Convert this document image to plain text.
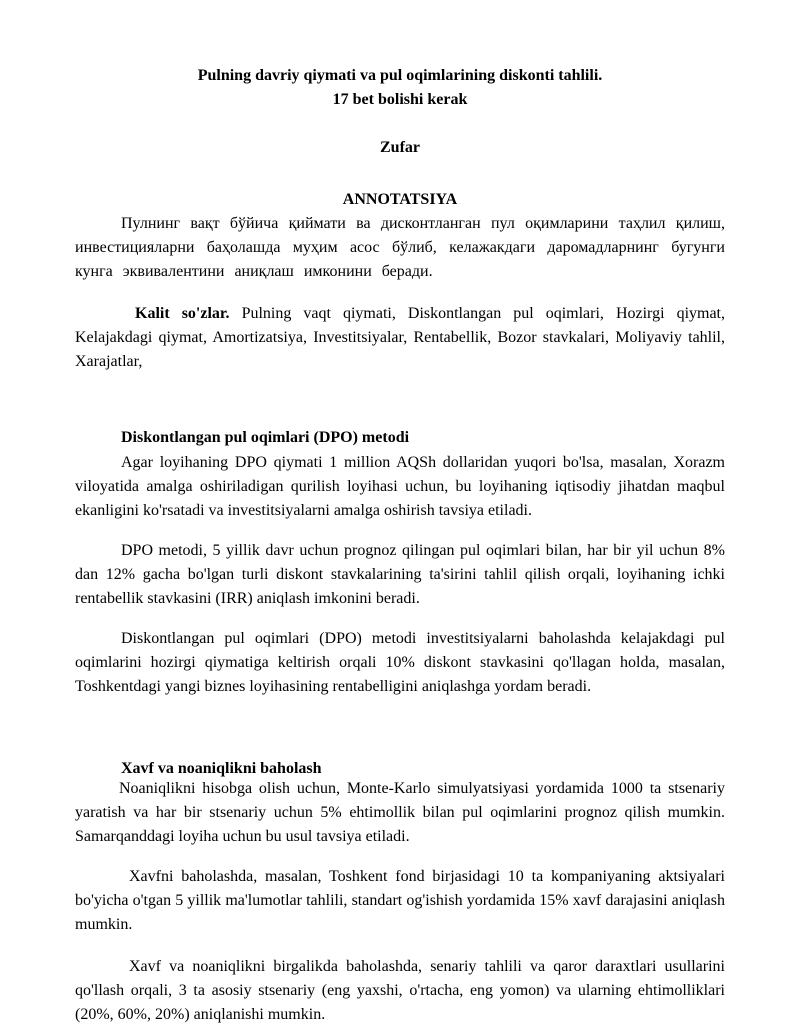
Pulning davriy qiymati va pul oqimlarining diskonti tahlili.
17 bet bolishi kerak
Zufar
ANNOTATSIYA
Пулнинг вақт бўйича қиймати ва дисконтланган пул оқимларини таҳлил қилиш, инвестицияларни баҳолашда муҳим асос бўлиб, келажакдаги даромадларнинг бугунги кунга эквивалентини аниқлаш имконини беради.
Kalit so'zlar. Pulning vaqt qiymati, Diskontlangan pul oqimlari, Hozirgi qiymat, Kelajakdagi qiymat, Amortizatsiya, Investitsiyalar, Rentabellik, Bozor stavkalari, Moliyaviy tahlil, Xarajatlar,
Diskontlangan pul oqimlari (DPO) metodi
Agar loyihaning DPO qiymati 1 million AQSh dollaridan yuqori bo'lsa, masalan, Xorazm viloyatida amalga oshiriladigan qurilish loyihasi uchun, bu loyihaning iqtisodiy jihatdan maqbul ekanligini ko'rsatadi va investitsiyalarni amalga oshirish tavsiya etiladi.
DPO metodi, 5 yillik davr uchun prognoz qilingan pul oqimlari bilan, har bir yil uchun 8% dan 12% gacha bo'lgan turli diskont stavkalarining ta'sirini tahlil qilish orqali, loyihaning ichki rentabellik stavkasini (IRR) aniqlash imkonini beradi.
Diskontlangan pul oqimlari (DPO) metodi investitsiyalarni baholashda kelajakdagi pul oqimlarini hozirgi qiymatiga keltirish orqali 10% diskont stavkasini qo'llagan holda, masalan, Toshkentdagi yangi biznes loyihasining rentabelligini aniqlashga yordam beradi.
Xavf va noaniqlikni baholash
Noaniqlikni hisobga olish uchun, Monte-Karlo simulyatsiyasi yordamida 1000 ta stsenariy yaratish va har bir stsenariy uchun 5% ehtimollik bilan pul oqimlarini prognoz qilish mumkin. Samarqanddagi loyiha uchun bu usul tavsiya etiladi.
Xavfni baholashda, masalan, Toshkent fond birjasidagi 10 ta kompaniyaning aktsiyalari bo'yicha o'tgan 5 yillik ma'lumotlar tahlili, standart og'ishish yordamida 15% xavf darajasini aniqlash mumkin.
Xavf va noaniqlikni birgalikda baholashda, senariy tahlili va qaror daraxtlari usullarini qo'llash orqali, 3 ta asosiy stsenariy (eng yaxshi, o'rtacha, eng yomon) va ularning ehtimolliklari (20%, 60%, 20%) aniqlanishi mumkin.
